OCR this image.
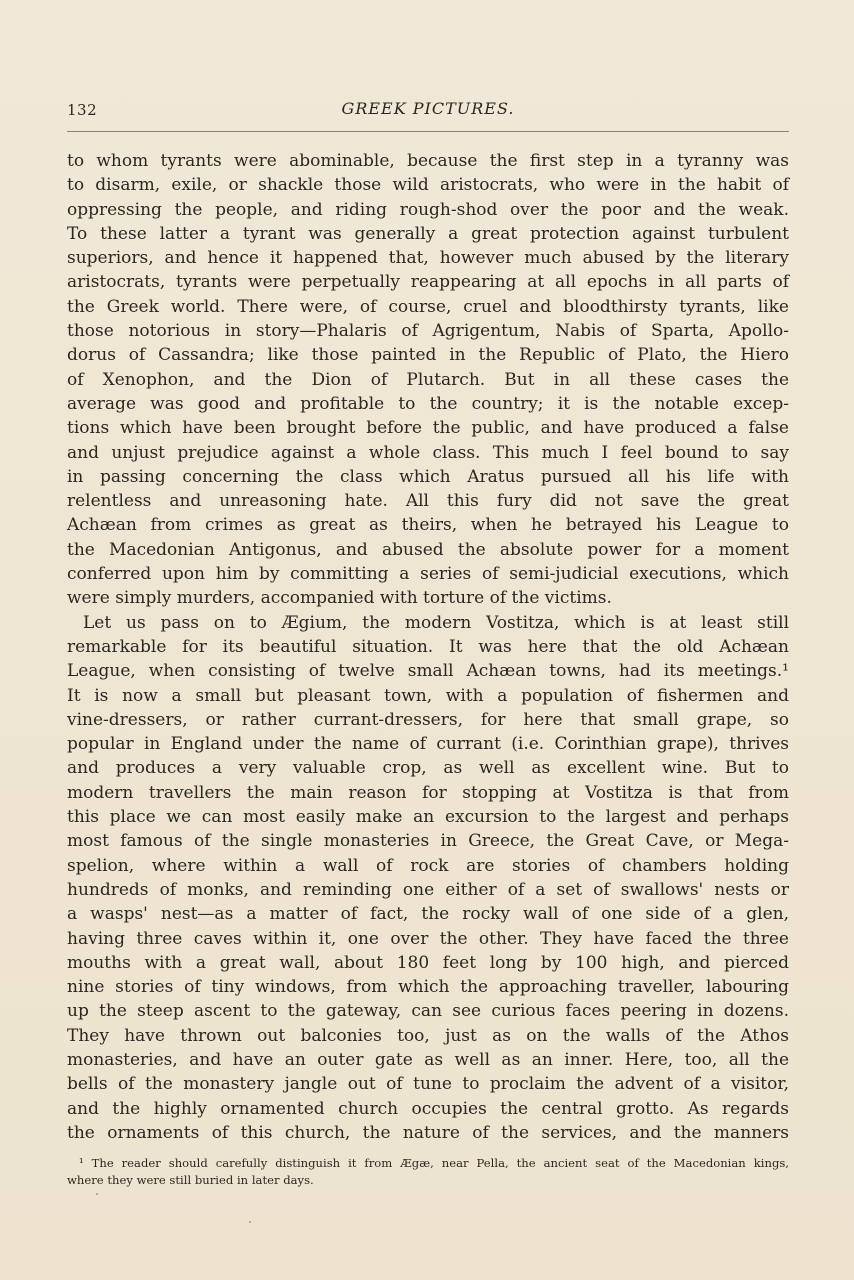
132	GREEK PICTURES.
to whom tyrants were abominable, because the first step in a tyranny was
to disarm, exile, or shackle those wild aristocrats, who were in the habit of
oppressing the people, and riding rough-shod over the poor and the weak.
To these latter a tyrant was generally a great protection against turbulent
superiors, and hence it happened that, however much abused by the literary
aristocrats, tyrants were perpetually reappearing at all epochs in all parts of
the Greek world. There were, of course, cruel and bloodthirsty tyrants, like
those notorious in story—Phalaris of Agrigentum, Nabis of Sparta, Apollo-
dorus of Cassandra; like those painted in the Republic of Plato, the Hiero
of Xenophon, and the Dion of Plutarch. But in all these cases the
average was good and profitable to the country; it is the notable excep-
tions which have been brought before the public, and have produced a false
and unjust prejudice against a whole class. This much I feel bound to say
in passing concerning the class which Aratus pursued all his life with
relentless and unreasoning hate. All this fury did not save the great
Achæan from crimes as great as theirs, when he betrayed his League to
the Macedonian Antigonus, and abused the absolute power for a moment
conferred upon him by committing a series of semi-judicial executions, which
were simply murders, accompanied with torture of the victims.
Let us pass on to Ægium, the modern Vostitza, which is at least still
remarkable for its beautiful situation. It was here that the old Achæan
League, when consisting of twelve small Achæan towns, had its meetings.¹
It is now a small but pleasant town, with a population of fishermen and
vine-dressers, or rather currant-dressers, for here that small grape, so
popular in England under the name of currant (i.e. Corinthian grape), thrives
and produces a very valuable crop, as well as excellent wine. But to
modern travellers the main reason for stopping at Vostitza is that from
this place we can most easily make an excursion to the largest and perhaps
most famous of the single monasteries in Greece, the Great Cave, or Mega-
spelion, where within a wall of rock are stories of chambers holding
hundreds of monks, and reminding one either of a set of swallows' nests or
a wasps' nest—as a matter of fact, the rocky wall of one side of a glen,
having three caves within it, one over the other. They have faced the three
mouths with a great wall, about 180 feet long by 100 high, and pierced
nine stories of tiny windows, from which the approaching traveller, labouring
up the steep ascent to the gateway, can see curious faces peering in dozens.
They have thrown out balconies too, just as on the walls of the Athos
monasteries, and have an outer gate as well as an inner. Here, too, all the
bells of the monastery jangle out of tune to proclaim the advent of a visitor,
and the highly ornamented church occupies the central grotto. As regards
the ornaments of this church, the nature of the services, and the manners
¹ The reader should carefully distinguish it from Ægæ, near Pella, the ancient seat of the Macedonian kings,
where they were still buried in later days.
